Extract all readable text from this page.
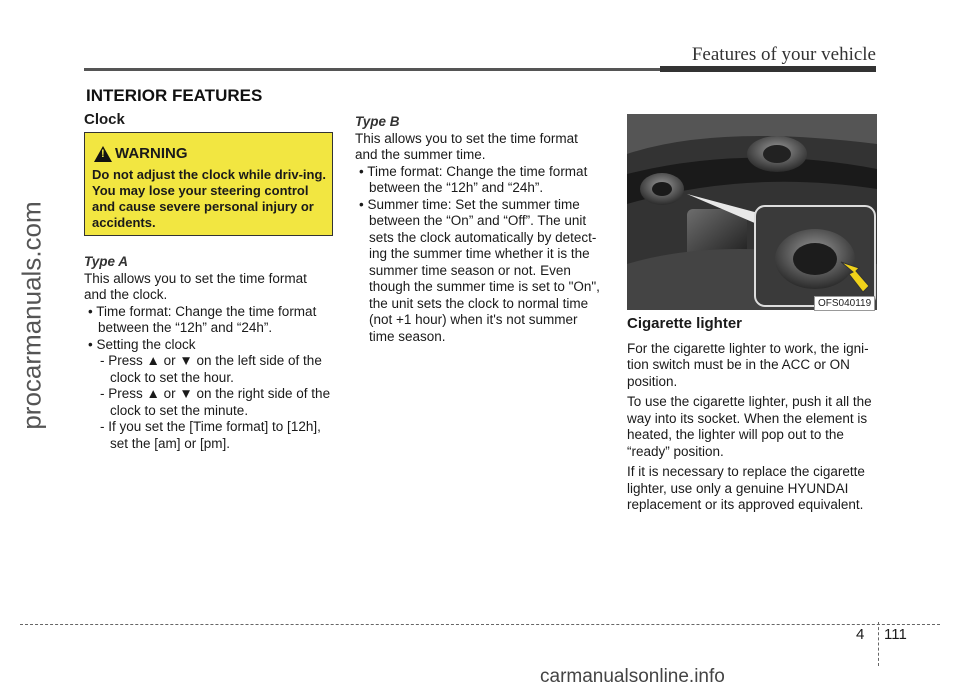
Features of your vehicle
INTERIOR FEATURES
procarmanuals.com
Clock
!
WARNING
Do not adjust the clock while driv-ing. You may lose your steering control and cause severe personal injury or accidents.

Type A

This allows you to set the time format and the clock.

• Time format: Change the time format between the “12h” and “24h”.

• Setting the clock

- Press ▲ or ▼ on the left side of the clock to set the hour.

- Press ▲ or ▼ on the right side of the clock to set the minute.

- If you set the [Time format] to [12h], set the [am] or [pm].

Type B

This allows you to set the time format and the summer time.

• Time format: Change the time format between the “12h” and “24h”.

• Summer time: Set the summer time between the “On” and “Off”. The unit sets the clock automatically by detect-ing the summer time whether it is the summer time season or not. Even though the summer time is set to "On", the unit sets the clock to normal time (not +1 hour) when it's not summer time season.

OFS040119

Cigarette lighter

For the cigarette lighter to work, the igni-tion switch must be in the ACC or ON position.

To use the cigarette lighter, push it all the way into its socket. When the element is heated, the lighter will pop out to the “ready” position.

If it is necessary to replace the cigarette lighter, use only a genuine HYUNDAI replacement or its approved equivalent.

4 111
carmanualsonline.info
